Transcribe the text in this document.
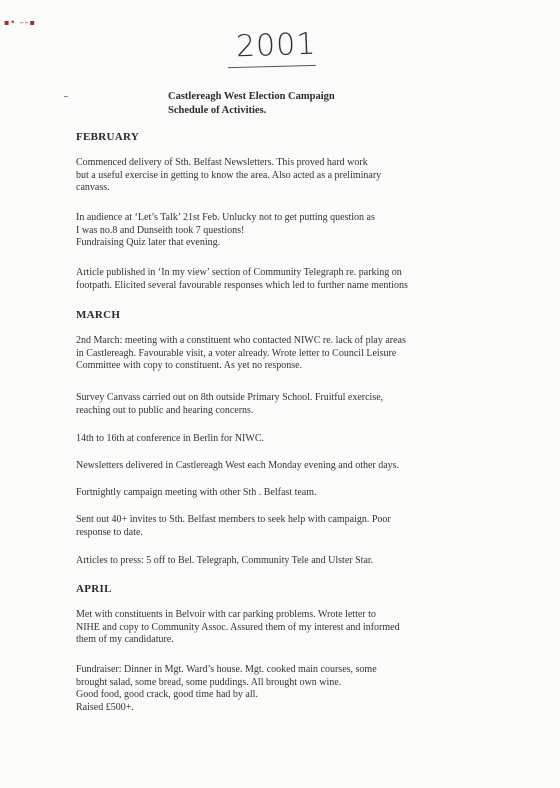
▪• ––▪
2001
Castlereagh West Election Campaign
Schedule of Activities.
FEBRUARY
Commenced delivery of Sth. Belfast Newsletters. This proved hard work
but a useful exercise in getting to know the area. Also acted as a preliminary
canvass.
In audience at ‘Let’s Talk’ 21st Feb. Unlucky not to get putting question as
I was no.8 and Dunseith took 7 questions!
Fundraising Quiz later that evening.
Article published in ‘In my view’ section of Community Telegraph re. parking on
footpath. Elicited several favourable responses which led to further name mentions
MARCH
2nd March: meeting with a constituent who contacted NIWC re. lack of play areas
in Castlereagh. Favourable visit, a voter already. Wrote letter to Council Leisure
Committee with copy to constituent. As yet no response.
Survey Canvass carried out on 8th outside Primary School. Fruitful exercise,
reaching out to public and hearing concerns.
14th to 16th at conference in Berlin for NIWC.
Newsletters delivered in Castlereagh West each Monday evening and other days.
Fortnightly campaign meeting with other Sth . Belfast team.
Sent out 40+ invites to Sth. Belfast members to seek help with campaign. Poor
response to date.
Articles to press: 5 off to Bel. Telegraph, Community Tele and Ulster Star.
APRIL
Met with constituents in Belvoir with car parking problems. Wrote letter to
NIHE and copy to Community Assoc. Assured them of my interest and informed
them of my candidature.
Fundraiser: Dinner in Mgt. Ward’s house. Mgt. cooked main courses, some
brought salad, some bread, some puddings. All brought own wine.
Good food, good crack, good time had by all.
Raised £500+.
